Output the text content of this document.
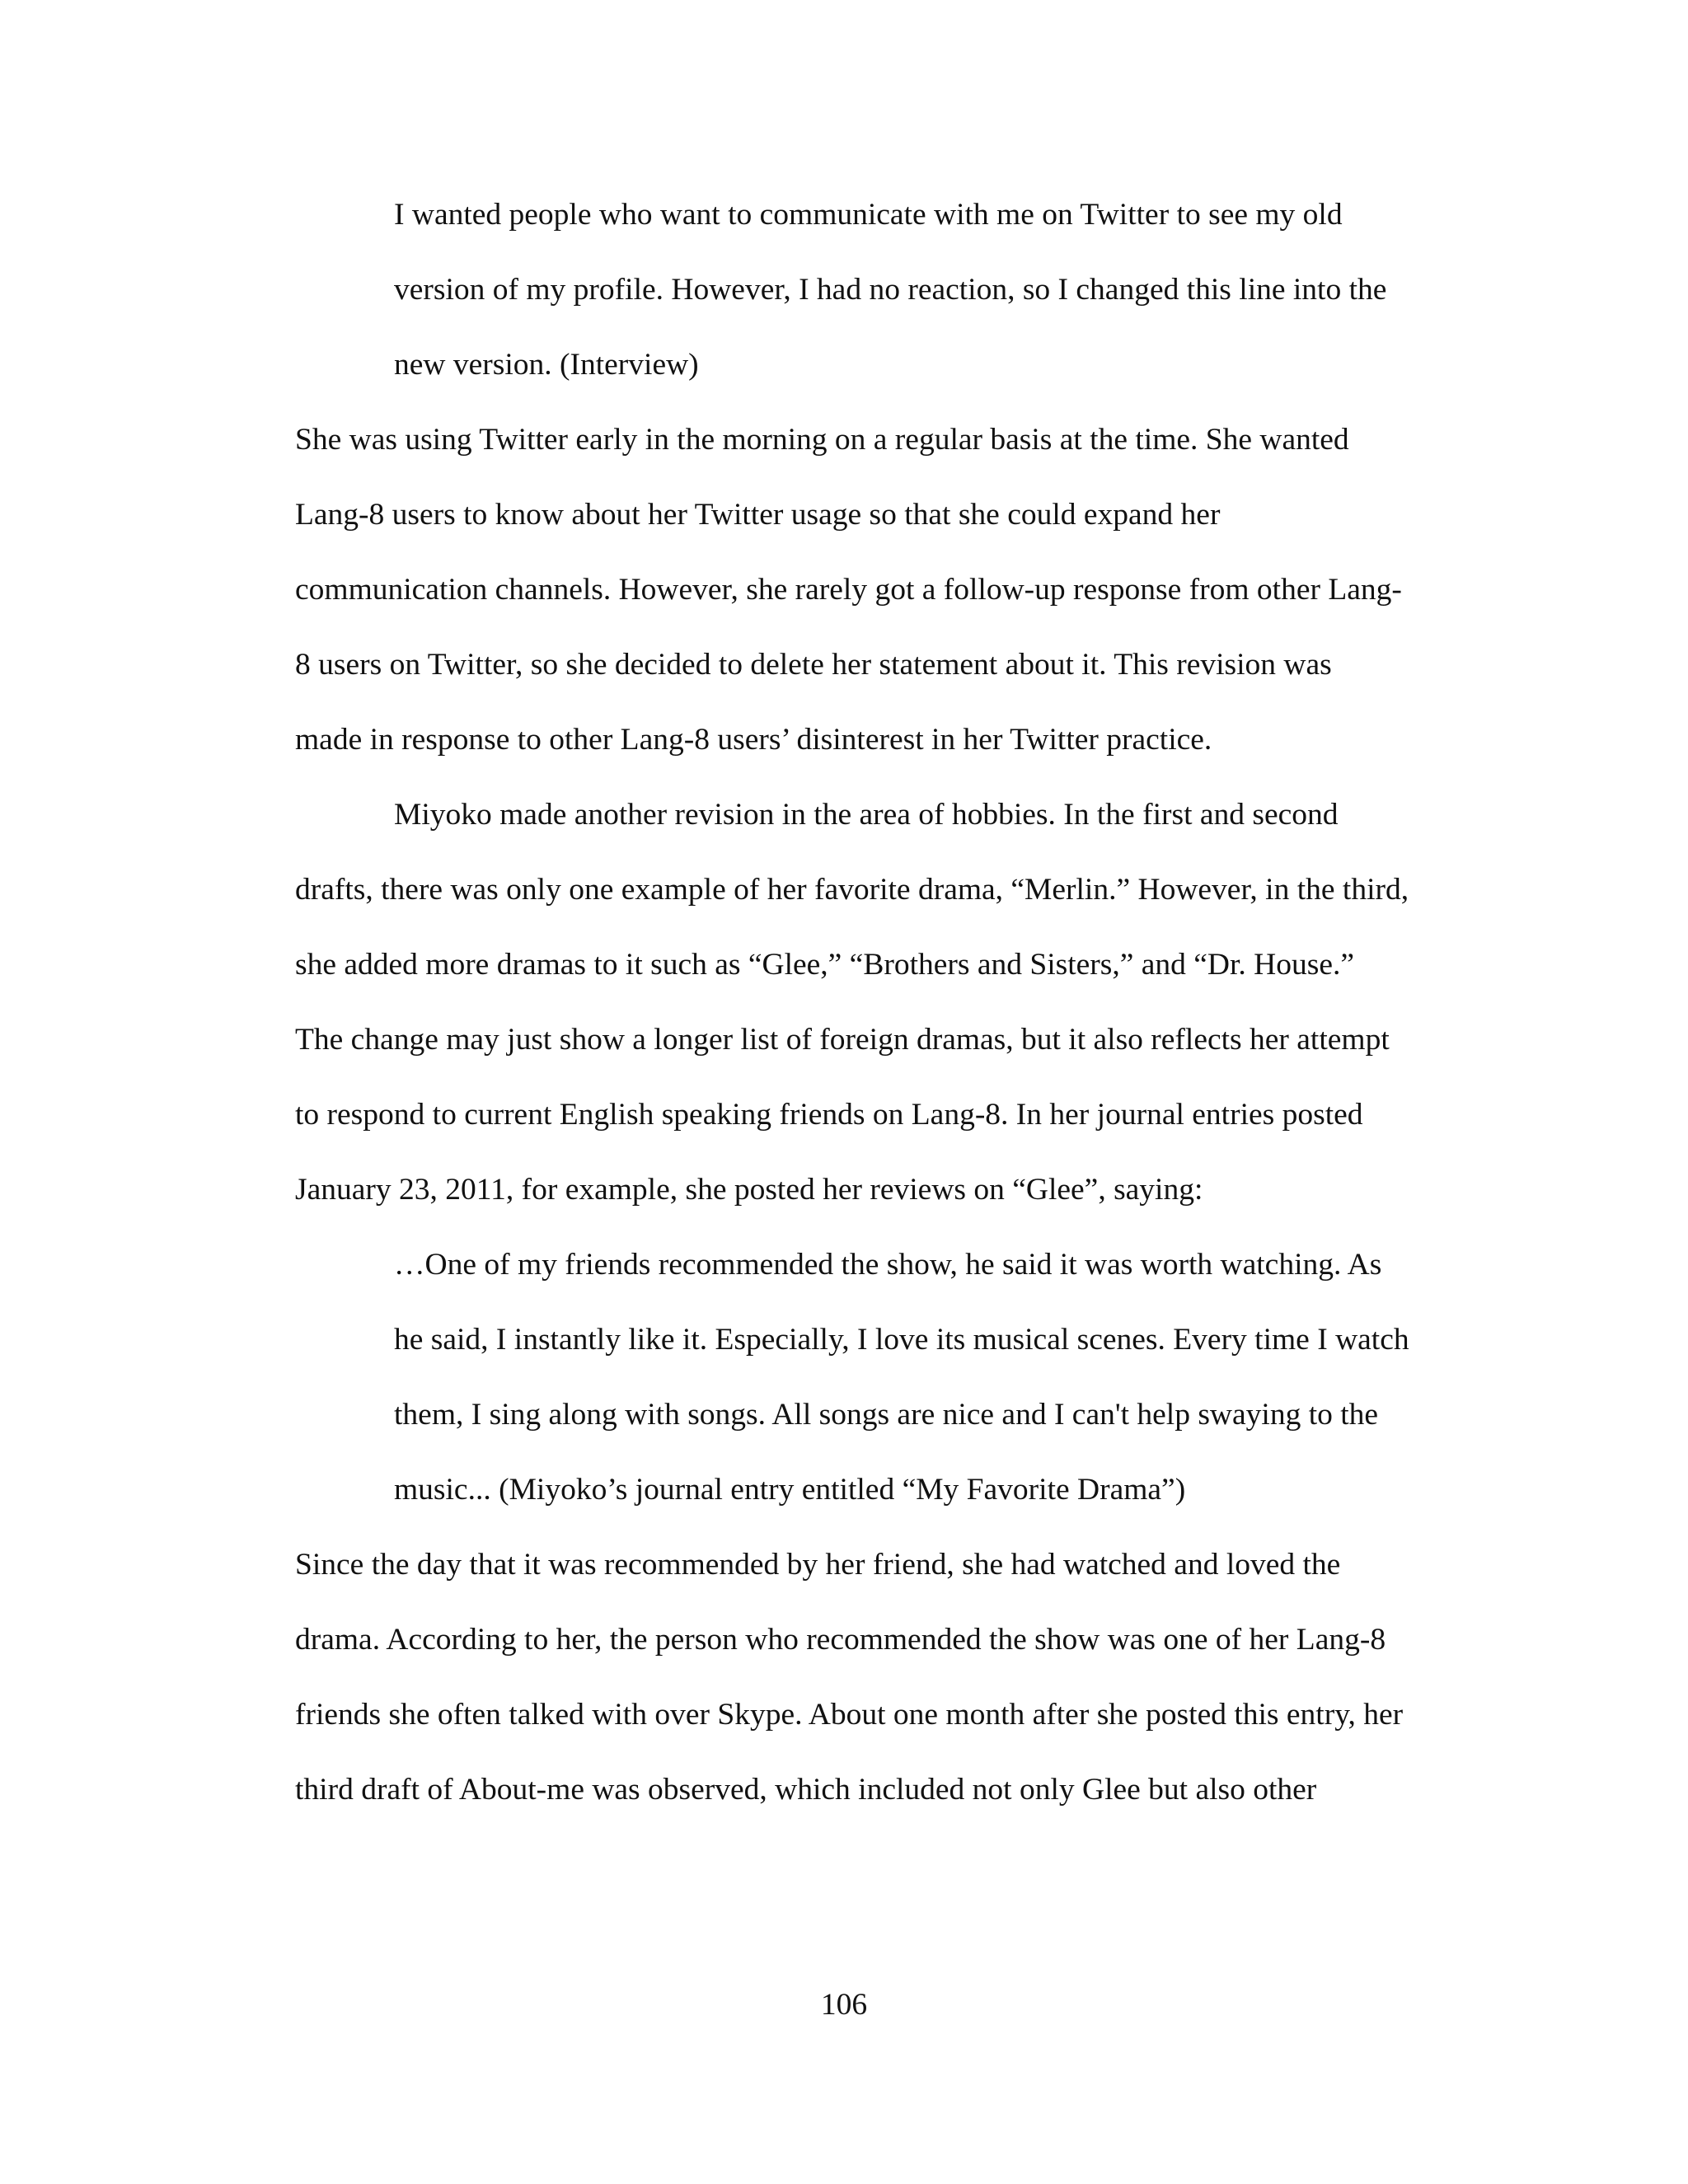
I wanted people who want to communicate with me on Twitter to see my old
version of my profile. However, I had no reaction, so I changed this line into the
new version. (Interview)
She was using Twitter early in the morning on a regular basis at the time. She wanted
Lang-8 users to know about her Twitter usage so that she could expand her
communication channels. However, she rarely got a follow-up response from other Lang-
8 users on Twitter, so she decided to delete her statement about it. This revision was
made in response to other Lang-8 users’ disinterest in her Twitter practice.
Miyoko made another revision in the area of hobbies. In the first and second
drafts, there was only one example of her favorite drama, “Merlin.” However, in the third,
she added more dramas to it such as “Glee,” “Brothers and Sisters,” and “Dr. House.”
The change may just show a longer list of foreign dramas, but it also reflects her attempt
to respond to current English speaking friends on Lang-8. In her journal entries posted
January 23, 2011, for example, she posted her reviews on “Glee”, saying:
…One of my friends recommended the show, he said it was worth watching. As
he said, I instantly like it. Especially, I love its musical scenes. Every time I watch
them, I sing along with songs. All songs are nice and I can't help swaying to the
music... (Miyoko’s journal entry entitled “My Favorite Drama”)
Since the day that it was recommended by her friend, she had watched and loved the
drama. According to her, the person who recommended the show was one of her Lang-8
friends she often talked with over Skype. About one month after she posted this entry, her
third draft of About-me was observed, which included not only Glee but also other
106
